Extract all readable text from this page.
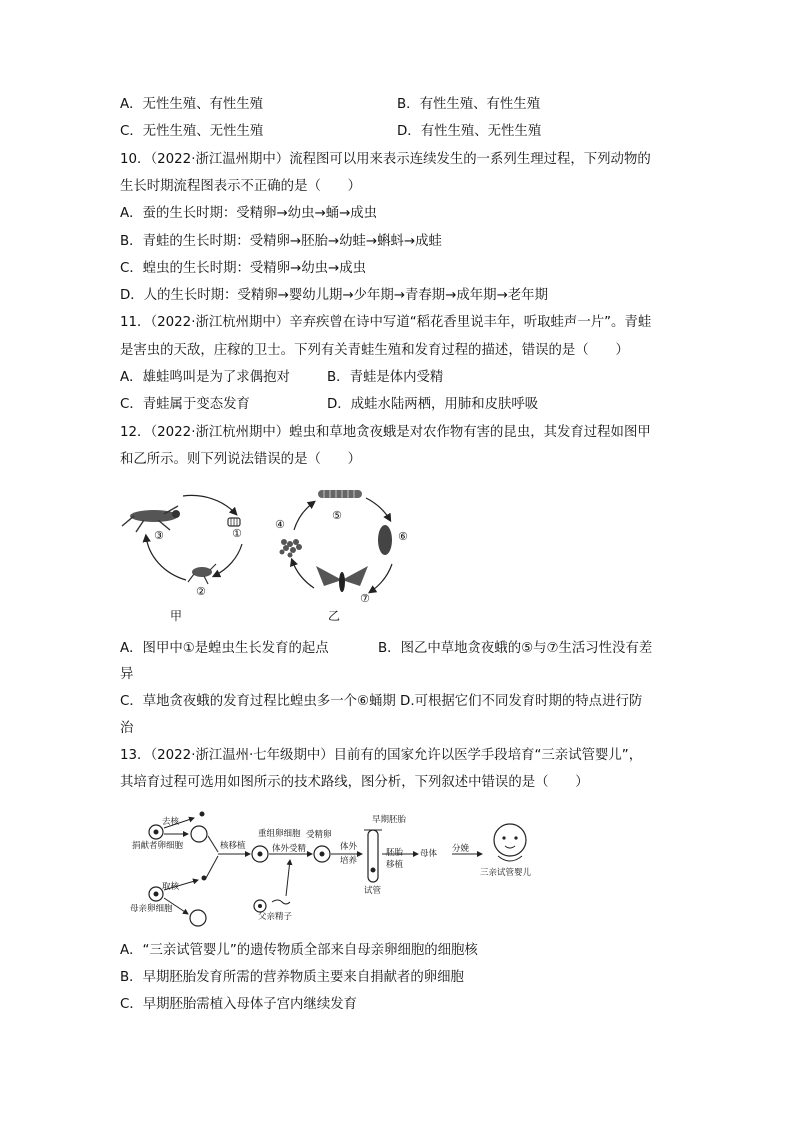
A．无性生殖、有性生殖	B．有性生殖、有性生殖
C．无性生殖、无性生殖	D．有性生殖、无性生殖
10．（2022·浙江温州期中）流程图可以用来表示连续发生的一系列生理过程，下列动物的
生长时期流程图表示不正确的是（　　）
A．蚕的生长时期：受精卵→幼虫→蛹→成虫
B．青蛙的生长时期：受精卵→胚胎→幼蛙→蝌蚪→成蛙
C．蝗虫的生长时期：受精卵→幼虫→成虫
D．人的生长时期：受精卵→婴幼儿期→少年期→青春期→成年期→老年期
11．（2022·浙江杭州期中）辛弃疾曾在诗中写道“稻花香里说丰年，听取蛙声一片”。青蛙
是害虫的天敌，庄稼的卫士。下列有关青蛙生殖和发育过程的描述，错误的是（　　）
A．雄蛙鸣叫是为了求偶抱对	B．青蛙是体内受精
C．青蛙属于变态发育	D．成蛙水陆两栖，用肺和皮肤呼吸
12．（2022·浙江杭州期中）蝗虫和草地贪夜蛾是对农作物有害的昆虫，其发育过程如图甲
和乙所示。则下列说法错误的是（　　）
①
②
③
甲
④
⑤
⑥
⑦
乙
A．图甲中①是蝗虫生长发育的起点	B．图乙中草地贪夜蛾的⑤与⑦生活习性没有差
异
C．草地贪夜蛾的发育过程比蝗虫多一个⑥蛹期 D.可根据它们不同发育时期的特点进行防
治
13．（2022·浙江温州·七年级期中）目前有的国家允许以医学手段培育“三亲试管婴儿”，
其培育过程可选用如图所示的技术路线，图分析，下列叙述中错误的是（　　）
去核
捐献者卵细胞
取核
母亲卵细胞
核移植
重组卵细胞
体外受精
父亲精子
受精卵
体外
培养
早期胚胎
胚胎
移植
试管
母体 分娩
三亲试管婴儿
A．“三亲试管婴儿”的遗传物质全部来自母亲卵细胞的细胞核
B．早期胚胎发育所需的营养物质主要来自捐献者的卵细胞
C．早期胚胎需植入母体子宫内继续发育
